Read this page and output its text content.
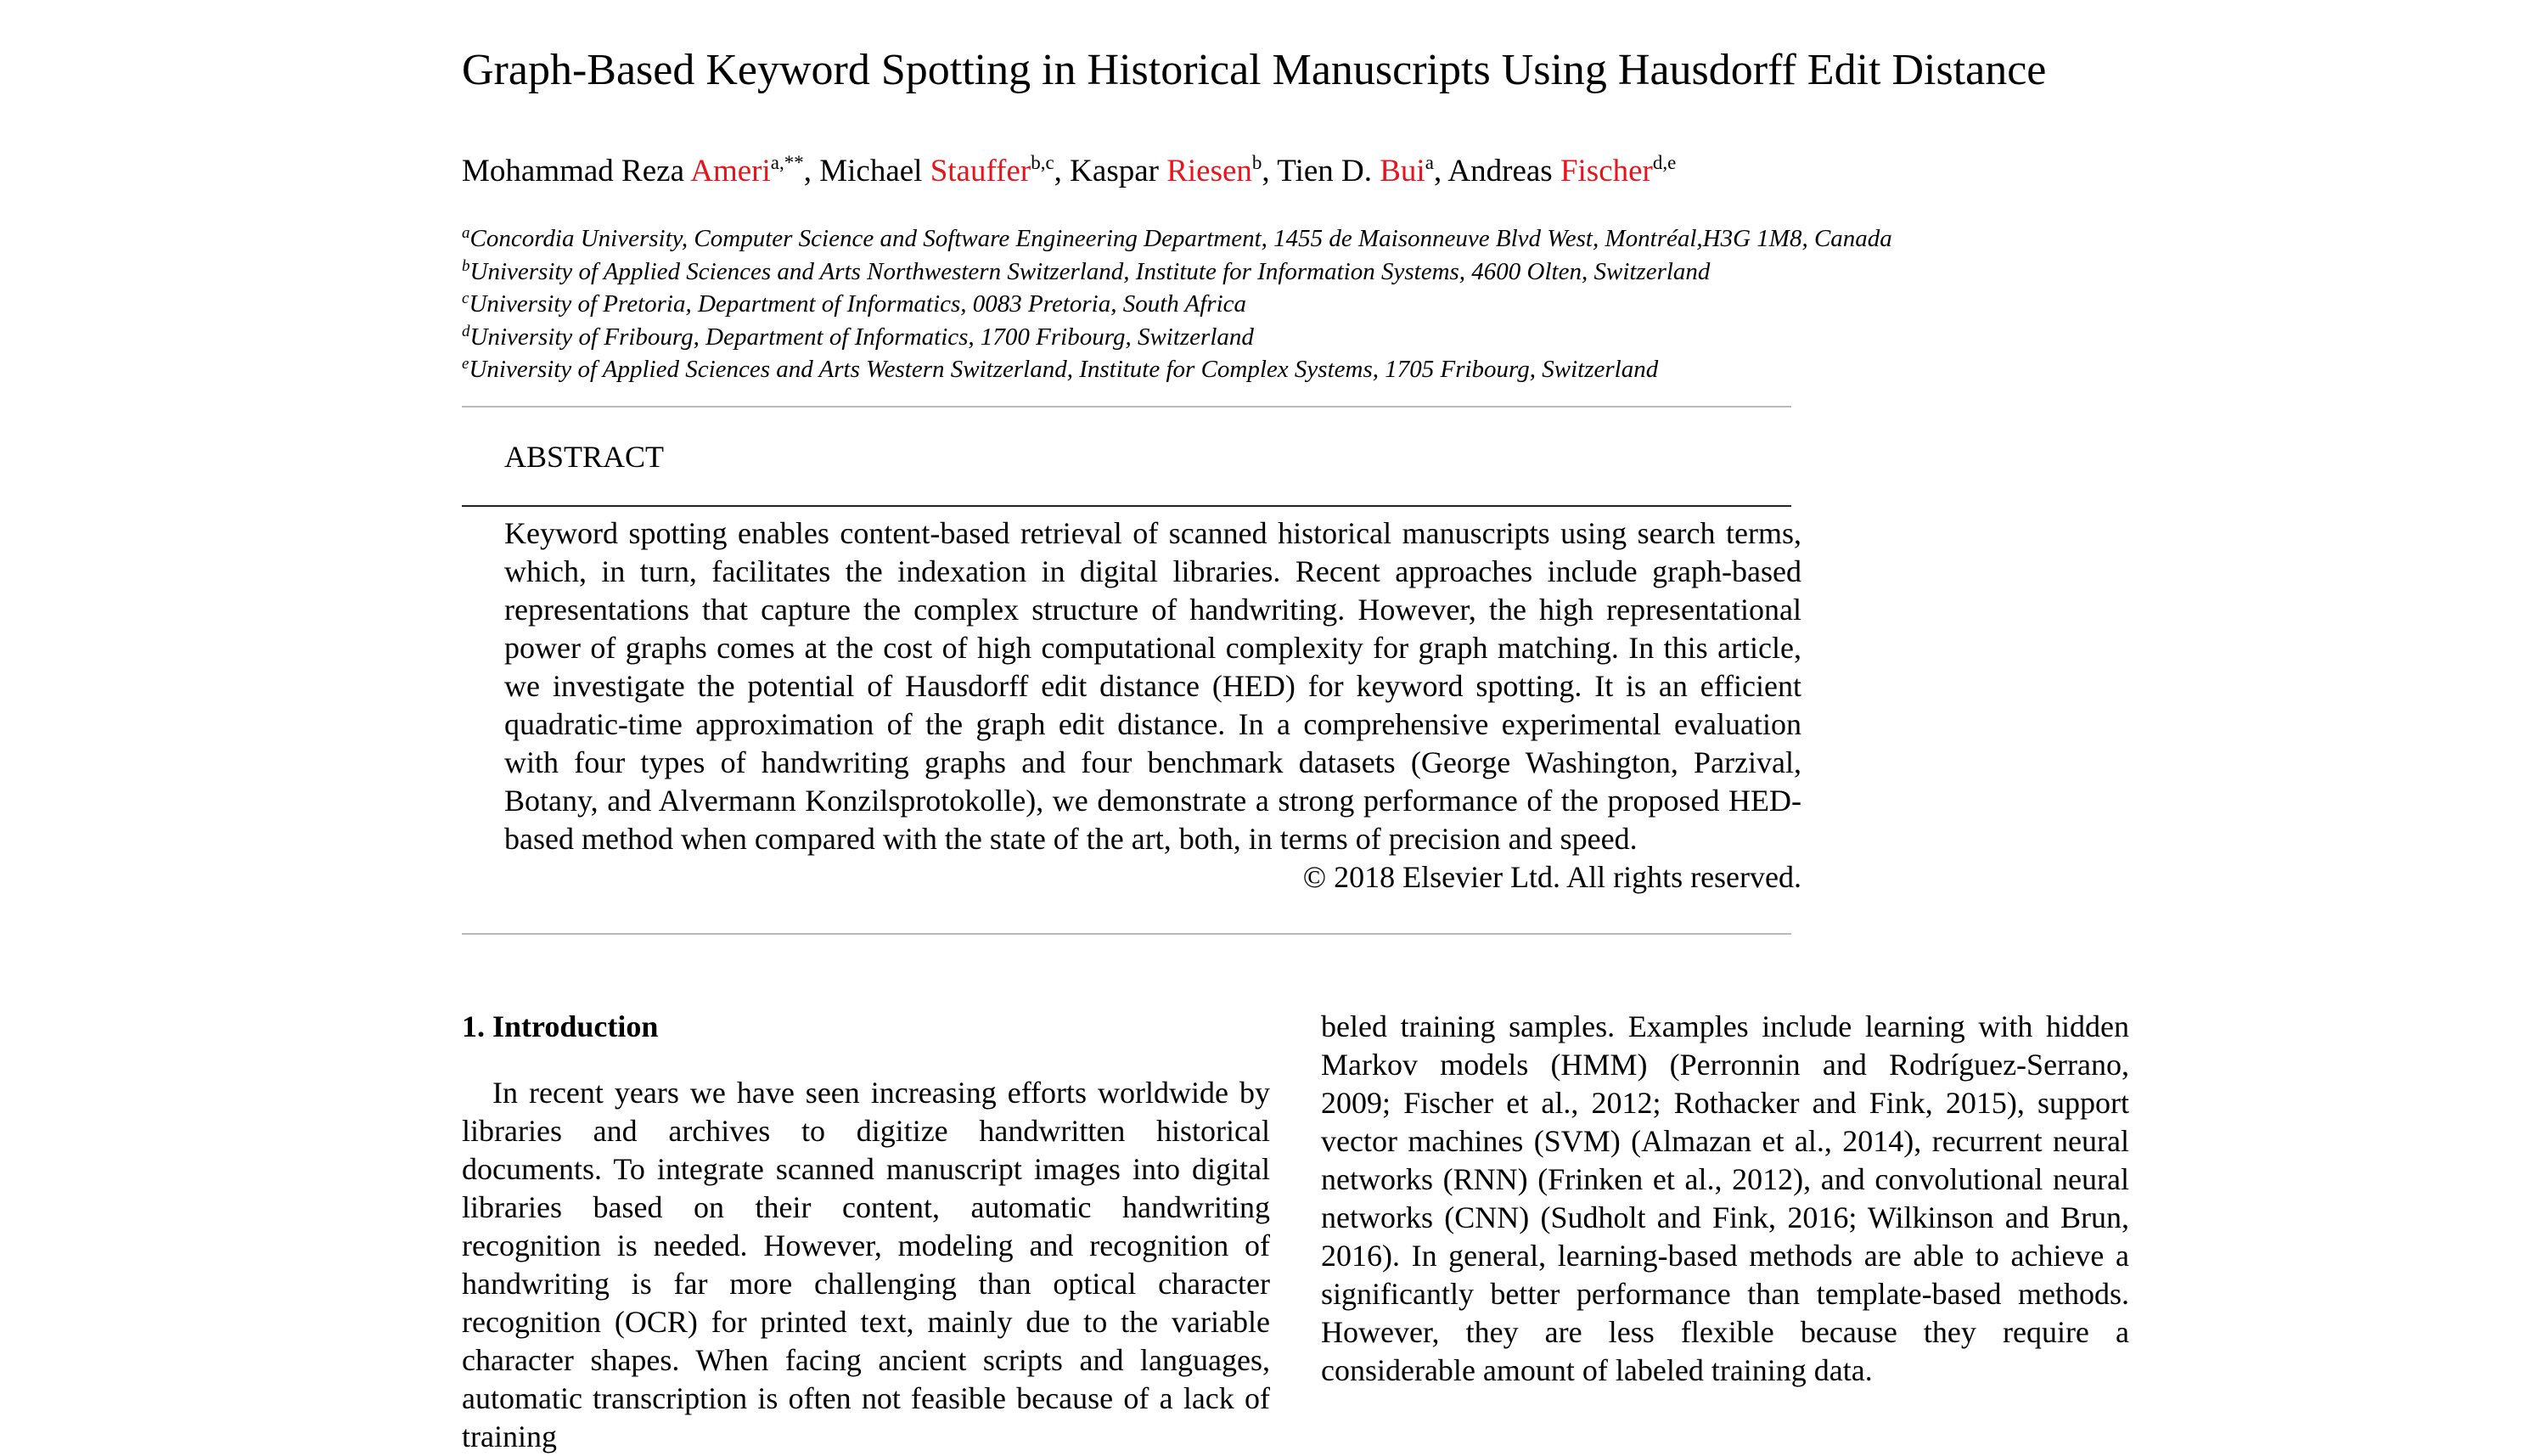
Graph-Based Keyword Spotting in Historical Manuscripts Using Hausdorff Edit Distance
Mohammad Reza Ameri$^{a,**}$, Michael Stauffer$^{b,c}$, Kaspar Riesen$^b$, Tien D. Bui$^a$, Andreas Fischer$^{d,e}$
$^a$Concordia University, Computer Science and Software Engineering Department, 1455 de Maisonneuve Blvd West, Montréal,H3G 1M8, Canada
$^b$University of Applied Sciences and Arts Northwestern Switzerland, Institute for Information Systems, 4600 Olten, Switzerland
$^c$University of Pretoria, Department of Informatics, 0083 Pretoria, South Africa
$^d$University of Fribourg, Department of Informatics, 1700 Fribourg, Switzerland
$^e$University of Applied Sciences and Arts Western Switzerland, Institute for Complex Systems, 1705 Fribourg, Switzerland
ABSTRACT

Keyword spotting enables content-based retrieval of scanned historical manuscripts using search terms, which, in turn, facilitates the indexation in digital libraries. Recent approaches include graph-based representations that capture the complex structure of handwriting. However, the high representational power of graphs comes at the cost of high computational complexity for graph matching. In this article, we investigate the potential of Hausdorff edit distance (HED) for keyword spotting. It is an efficient quadratic-time approximation of the graph edit distance. In a comprehensive experimental evaluation with four types of handwriting graphs and four benchmark datasets (George Washington, Parzival, Botany, and Alvermann Konzilsprotokolle), we demonstrate a strong performance of the proposed HED-based method when compared with the state of the art, both, in terms of precision and speed.

© 2018 Elsevier Ltd. All rights reserved.

1. Introduction

In recent years we have seen increasing efforts worldwide by libraries and archives to digitize handwritten historical documents. To integrate scanned manuscript images into digital libraries based on their content, automatic handwriting recognition is needed. However, modeling and recognition of handwriting is far more challenging than optical character recognition (OCR) for printed text, mainly due to the variable character shapes. When facing ancient scripts and languages, automatic transcription is often not feasible because of a lack of training

beled training samples. Examples include learning with hidden Markov models (HMM) (Perronnin and Rodríguez-Serrano, 2009; Fischer et al., 2012; Rothacker and Fink, 2015), support vector machines (SVM) (Almazan et al., 2014), recurrent neural networks (RNN) (Frinken et al., 2012), and convolutional neural networks (CNN) (Sudholt and Fink, 2016; Wilkinson and Brun, 2016). In general, learning-based methods are able to achieve a significantly better performance than template-based methods. However, they are less flexible because they require a considerable amount of labeled training data.
